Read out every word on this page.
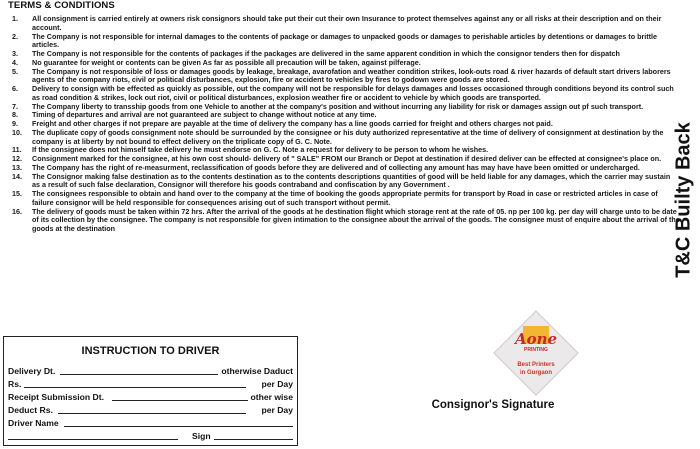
TERMS & CONDITIONS
1.	All consignment is carried entirely at owners risk consignors should take put their cut their own Insurance to protect themselves against any or all risks at their description and on their account.
2.	The Company is not responsible for internal damages to the contents of package or damages to unpacked goods or damages to perishable articles by detentions or damages to brittle articles.
3.	The Company is not responsible for the contents of packages if the packages are delivered in the same apparent condition in which the consignor tenders then for dispatch
4.	No guarantee for weight or contents can be given As far as possible all precaution will be taken, against pilferage.
5.	The Company is not responsible of loss or damages goods by leakage, breakage, avarofation and weather condition strikes, look-outs road & river hazards of default start drivers laborers agents of the company riots, civil or political disturbances, explosion, fire or accident to vehicles by fires to godown were goods are stored.
6.	Delivery to consign with be effected as quickly as possible, out the company will not be responsible for delays damages and losses occasioned through conditions beyond its control such as road condition & strikes, lock out riot, civil or political disturbances, explosion weather fire or accident to vehicle by which goods are transported.
7.	The Company liberty to transship goods from one Vehicle to another at the company's position and without incurring any liability for risk or damages assign out pf such transport.
8.	Timing of departures and arrival are not guaranteed are subject to change without notice at any time.
9.	Freight and other charges if not prepare are payable at the time of delivery the company has a line goods carried for freight and others charges not paid.
10.	The duplicate copy of goods consignment note should be surrounded by the consignee or his duty authorized representative at the time of delivery of consignment at destination by the company is at liberty by not bound to effect delivery on the triplicate copy of G. C. Note.
11.	If the consignee does not himself take delivery he must endorse on G. C. Note a request for delivery to be person to whom he wishes.
12.	Consignment marked for the consignee, at his own cost should- delivery of " SALE" FROM our Branch or Depot at destination if desired deliver can be effected at consignee's place on.
13.	The Company has the right of re-measurment, reclassification of goods before they are delivered and of collecting any amount has may have have been omitted or undercharged.
14.	The Consignor making false destination as to the contents destination as to the contents descriptions quantities of good will be held liable for any damages, which the carrier may sustain as a result of such false declaration, Consignor will therefore his goods contraband and confiscation by any Government .
15.	The consignees responsible to obtain and hand over to the company at the time of booking the goods appropriate permits for transport by Road in case or restricted articles in case of failure consignor will be held responsible for consequences arising out of such transport without permit.
16.	The delivery of goods must be taken within 72 hrs. After the arrival of the goods at he destination flight which storage rent at the rate of 05. np per 100 kg. per day will charge unto to be date of its collection by the consignee. The company is not responsible for given intimation to the consignee about the arrival of the goods. The consignee must of enquire about the arrival of the goods at the destination	T&C Builty Back
Aone
PRINTING
Best Printers
in Gurgaon
Consignor's Signature
INSTRUCTION TO DRIVER
Delivery Dt.	otherwise Daduct
Rs.	per Day
Receipt Submission Dt.	other wise
Deduct Rs.	per Day
Driver Name
Sign
